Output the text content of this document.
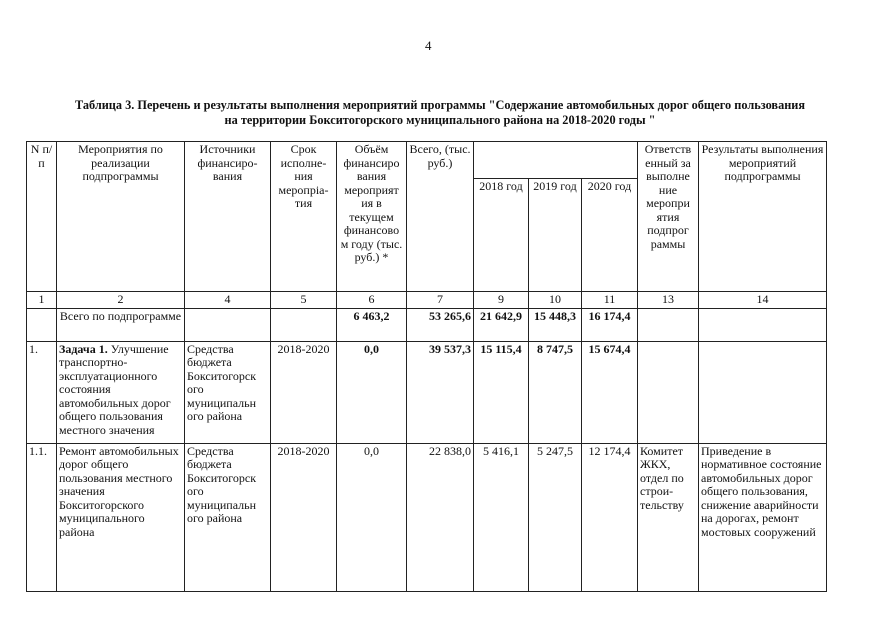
4
Таблица 3. Перечень и результаты выполнения мероприятий программы "Содержание автомобильных дорог общего пользования
на территории Бокситогорского муниципального района на 2018-2020 годы "
N п/п	Мероприятия по реализации подпрограммы	Источники финансиро-вания	Срок исполне-ния меропрia-тия	Объём финансиро вания мероприят ия в текущем финансово м году (тыс. руб.) *	Всего, (тыс. руб.)				Ответств енный за выполне ние меропри ятия подпрог раммы	Результаты выполнения мероприятий подпрограммы
						2018 год	2019 год	2020 год		
1	2	4	5	6	7	9	10	11	13	14
	Всего по подпрограмме			6 463,2	53 265,6	21 642,9	15 448,3	16 174,4		
1.	Задача 1. Улучшение транспортно-эксплуатационного состояния автомобильных дорог общего пользования местного значения	Средства бюджета Бокситогорск ого муниципальн ого района	2018-2020	0,0	39 537,3	15 115,4	8 747,5	15 674,4		
1.1.	Ремонт автомобильных дорог общего пользования местного значения Бокситогорского муниципального района	Средства бюджета Бокситогорск ого муниципальн ого района	2018-2020	0,0	22 838,0	5 416,1	5 247,5	12 174,4	Комитет ЖКХ, отдел по строи-тельству	Приведение в нормативное состояние автомобильных дорог общего пользования, снижение аварийности на дорогах, ремонт мостовых сооружений
